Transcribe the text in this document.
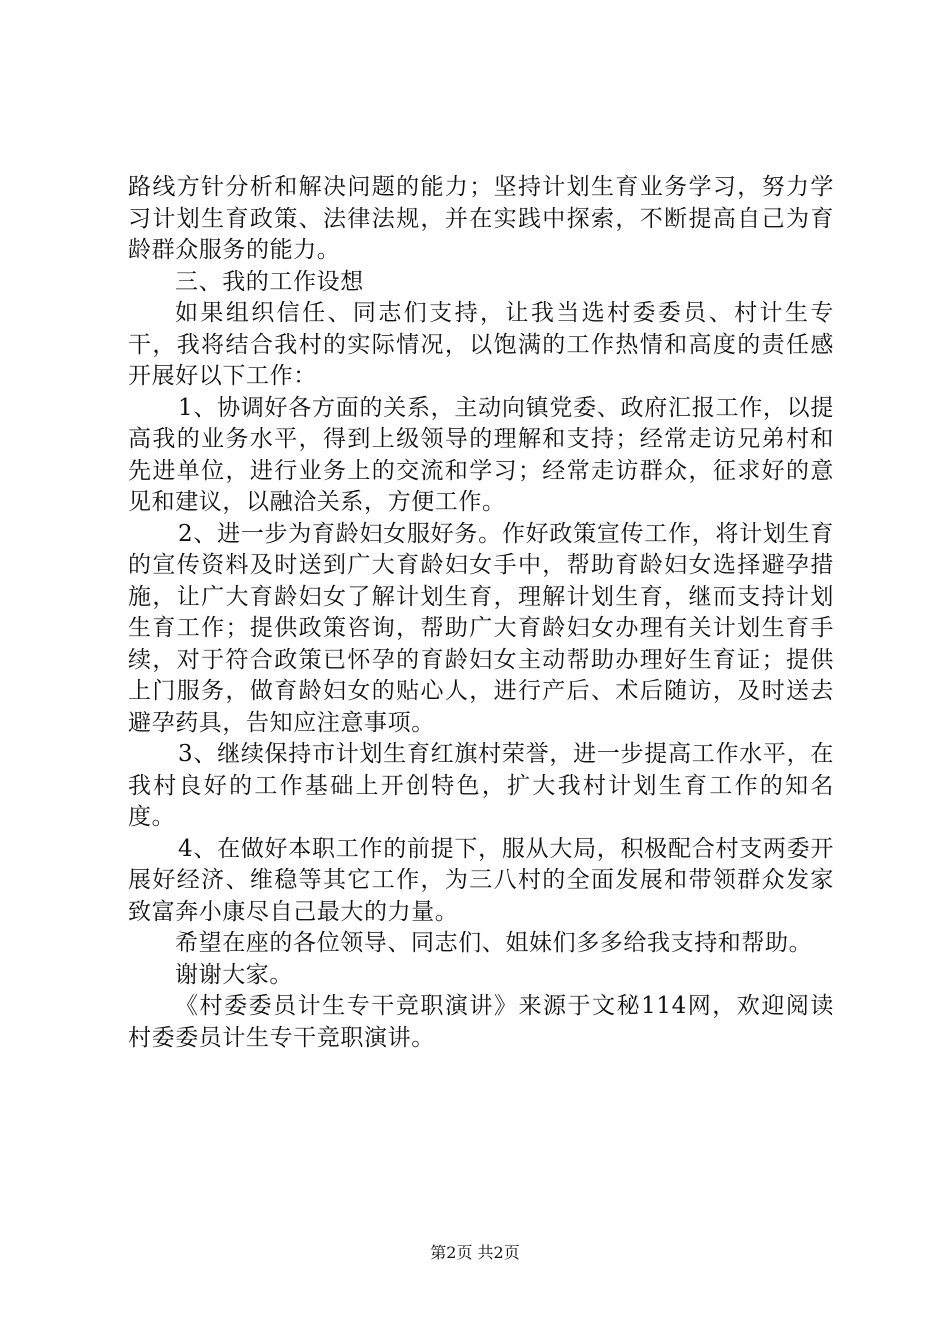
路线方针分析和解决问题的能力；坚持计划生育业务学习，努力学习计划生育政策、法律法规，并在实践中探索，不断提高自己为育龄群众服务的能力。

三、我的工作设想

如果组织信任、同志们支持，让我当选村委委员、村计生专干，我将结合我村的实际情况，以饱满的工作热情和高度的责任感开展好以下工作：

1、协调好各方面的关系，主动向镇党委、政府汇报工作，以提高我的业务水平，得到上级领导的理解和支持；经常走访兄弟村和先进单位，进行业务上的交流和学习；经常走访群众，征求好的意见和建议，以融洽关系，方便工作。

2、进一步为育龄妇女服好务。作好政策宣传工作，将计划生育的宣传资料及时送到广大育龄妇女手中，帮助育龄妇女选择避孕措施，让广大育龄妇女了解计划生育，理解计划生育，继而支持计划生育工作；提供政策咨询，帮助广大育龄妇女办理有关计划生育手续，对于符合政策已怀孕的育龄妇女主动帮助办理好生育证；提供上门服务，做育龄妇女的贴心人，进行产后、术后随访，及时送去避孕药具，告知应注意事项。

3、继续保持市计划生育红旗村荣誉，进一步提高工作水平，在我村良好的工作基础上开创特色，扩大我村计划生育工作的知名度。

4、在做好本职工作的前提下，服从大局，积极配合村支两委开展好经济、维稳等其它工作，为三八村的全面发展和带领群众发家致富奔小康尽自己最大的力量。

希望在座的各位领导、同志们、姐妹们多多给我支持和帮助。

谢谢大家。

《村委委员计生专干竞职演讲》来源于文秘114网，欢迎阅读村委委员计生专干竞职演讲。

第2页 共2页
